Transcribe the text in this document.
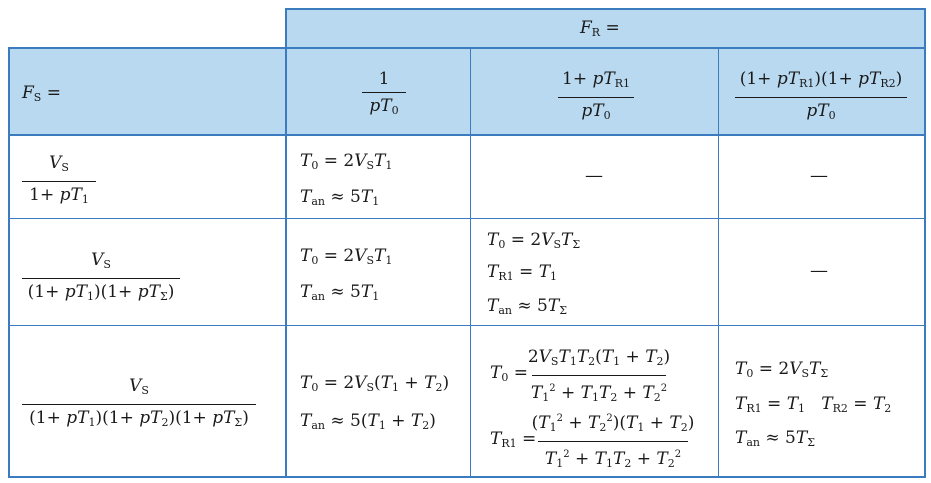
$F_R$ =
$F_S$ =
1
$pT_0$
$1+ pT_{R1}$
$pT_0$
$(1+ pT_{R1})(1+ pT_{R2})$
$pT_0$
$V_S$
$1+ pT_1$
$T_0 = 2V_ST_1$
$T_{an} \approx 5T_1$
—	—
$V_S$
$(1+ pT_1)(1+ pT_\Sigma)$
$T_0 = 2V_ST_1$
$T_{an} \approx 5T_1$
$T_0 = 2V_ST_\Sigma$
$T_{R1} = T_1$
$T_{an} \approx 5T_\Sigma$
—
$V_S$
$(1+ pT_1)(1+ pT_2)(1+ pT_\Sigma)$
$T_0 = 2V_S(T_1 + T_2)$
$T_{an} \approx 5(T_1 + T_2)$
$T_0$ =
$2V_ST_1T_2(T_1 + T_2)$
$T_1^2 + T_1T_2 + T_2^2$
$T_{R1}$ =
$(T_1^2 + T_2^2)(T_1 + T_2)$
$T_1^2 + T_1T_2 + T_2^2$
$T_0 = 2V_ST_\Sigma$
$T_{R1} = T_1$ $T_{R2} = T_2$
$T_{an} \approx 5T_\Sigma$
